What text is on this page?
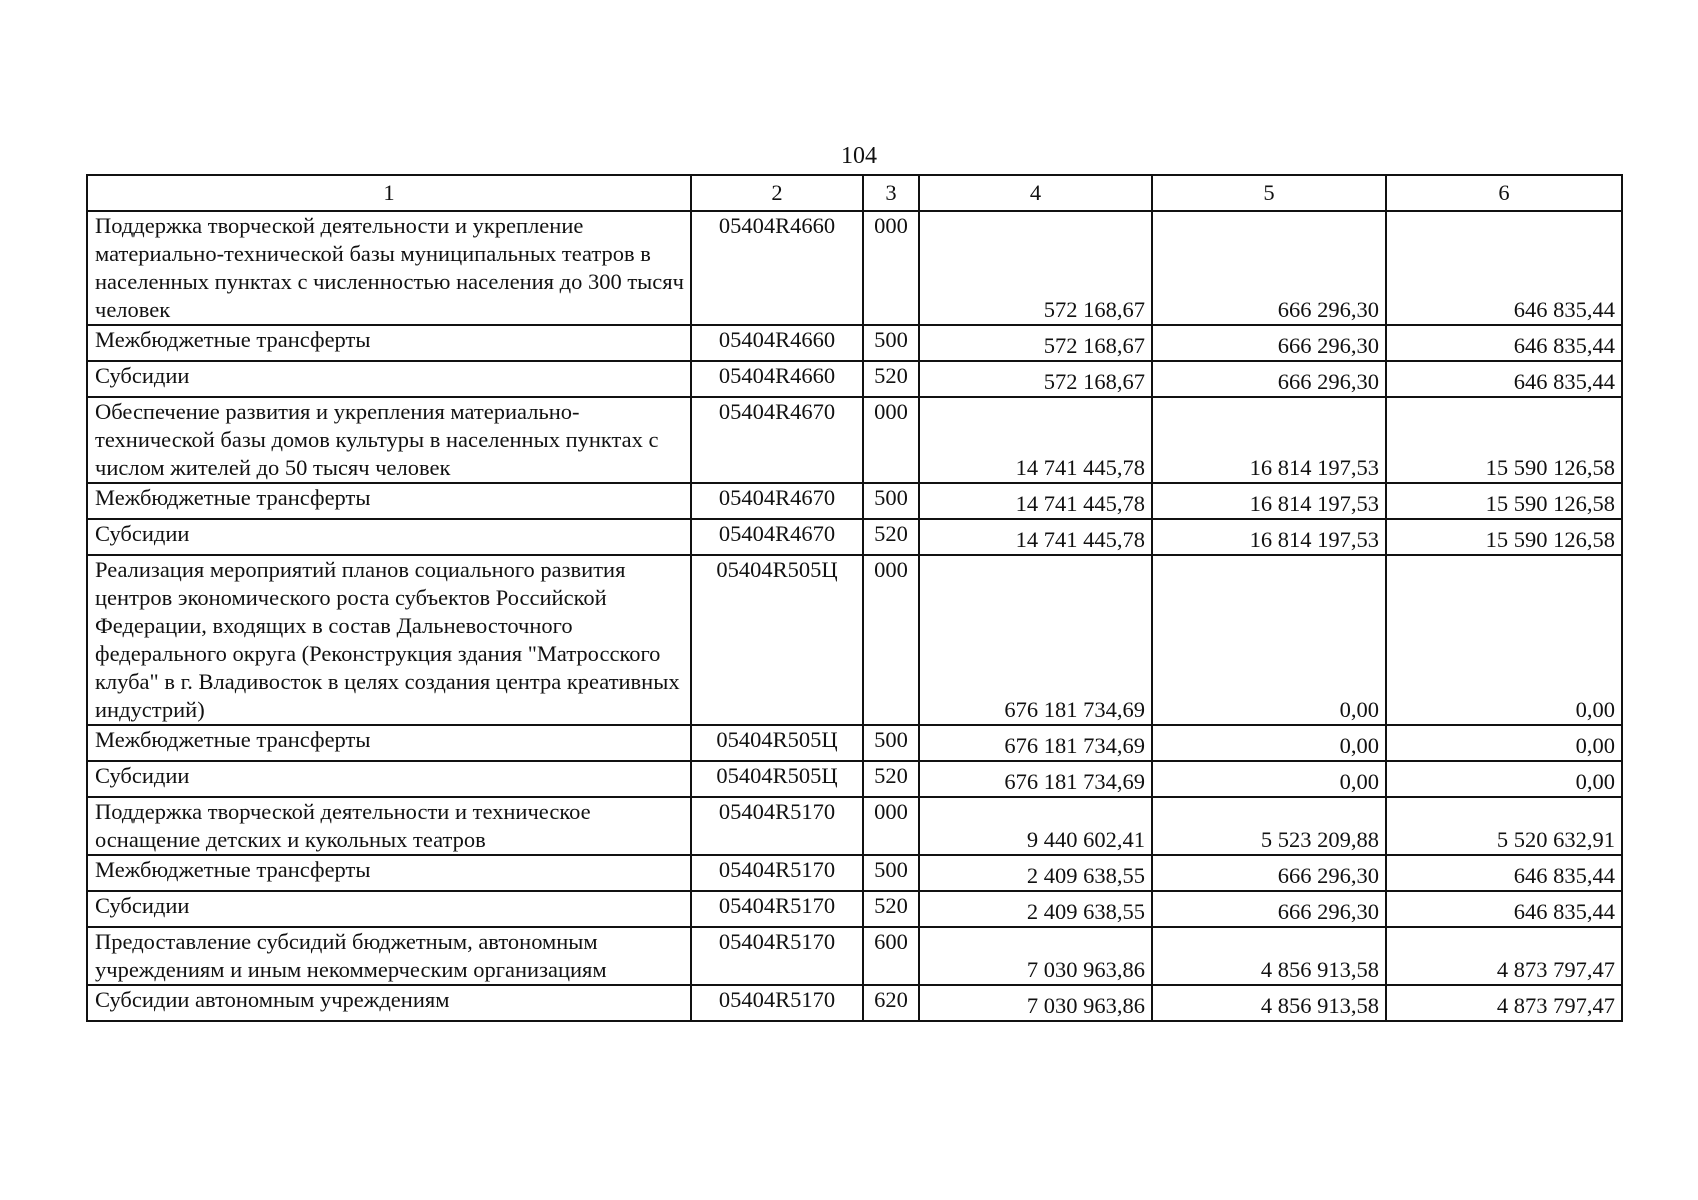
104
1	2	3	4	5	6
Поддержка творческой деятельности и укрепление материально-технической базы муниципальных театров в населенных пунктах с численностью населения до 300 тысяч человек	05404R4660	000	572 168,67	666 296,30	646 835,44
Межбюджетные трансферты	05404R4660	500	572 168,67	666 296,30	646 835,44
Субсидии	05404R4660	520	572 168,67	666 296,30	646 835,44
Обеспечение развития и укрепления материально-технической базы домов культуры в населенных пунктах с числом жителей до 50 тысяч человек	05404R4670	000	14 741 445,78	16 814 197,53	15 590 126,58
Межбюджетные трансферты	05404R4670	500	14 741 445,78	16 814 197,53	15 590 126,58
Субсидии	05404R4670	520	14 741 445,78	16 814 197,53	15 590 126,58
Реализация мероприятий планов социального развития центров экономического роста субъектов Российской Федерации, входящих в состав Дальневосточного федерального округа (Реконструкция здания "Матросского клуба" в г. Владивосток в целях создания центра креативных индустрий)	05404R505Ц	000	676 181 734,69	0,00	0,00
Межбюджетные трансферты	05404R505Ц	500	676 181 734,69	0,00	0,00
Субсидии	05404R505Ц	520	676 181 734,69	0,00	0,00
Поддержка творческой деятельности и техническое оснащение детских и кукольных театров	05404R5170	000	9 440 602,41	5 523 209,88	5 520 632,91
Межбюджетные трансферты	05404R5170	500	2 409 638,55	666 296,30	646 835,44
Субсидии	05404R5170	520	2 409 638,55	666 296,30	646 835,44
Предоставление субсидий бюджетным, автономным учреждениям и иным некоммерческим организациям	05404R5170	600	7 030 963,86	4 856 913,58	4 873 797,47
Субсидии автономным учреждениям	05404R5170	620	7 030 963,86	4 856 913,58	4 873 797,47
